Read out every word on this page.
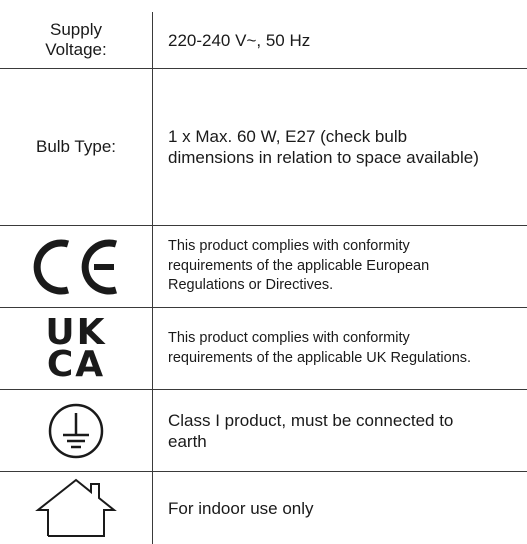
Supply
Voltage:	220-240 V~, 50 Hz
Bulb Type:
1 x Max. 60 W, E27 (check bulb
dimensions in relation to space available)
This product complies with conformity
requirements of the applicable European
Regulations or Directives.
UK
CA
This product complies with conformity
requirements of the applicable UK Regulations.
Class I product, must be connected to
earth
For indoor use only
